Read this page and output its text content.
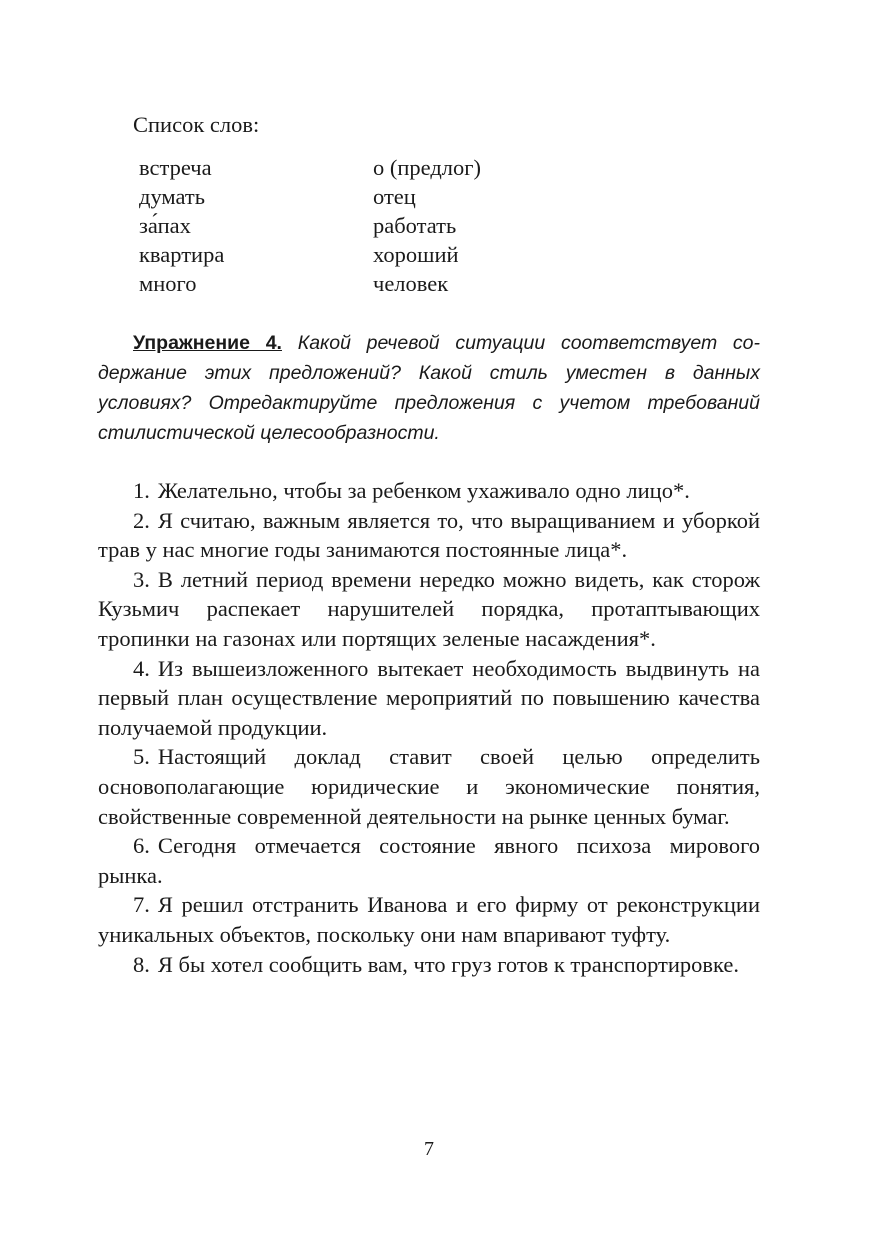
Список слов:
встреча
думать
за́пах
квартира
много
о (предлог)
отец
работать
хороший
человек
Упражнение 4. Какой речевой ситуации соответствует содержание этих предложений? Какой стиль уместен в данных условиях? Отредактируйте предложения с учетом требований стилистической целесообразности.

1. Желательно, чтобы за ребенком ухаживало одно лицо*.

2. Я считаю, важным является то, что выращиванием и уборкой трав у нас многие годы занимаются постоянные лица*.

3. В летний период времени нередко можно видеть, как сторож Кузьмич распекает нарушителей порядка, протаптывающих тропинки на газонах или портящих зеленые насаждения*.

4. Из вышеизложенного вытекает необходимость выдвинуть на первый план осуществление мероприятий по повышению качества получаемой продукции.

5. Настоящий доклад ставит своей целью определить основополагающие юридические и экономические понятия, свойственные современной деятельности на рынке ценных бумаг.

6. Сегодня отмечается состояние явного психоза мирового рынка.

7. Я решил отстранить Иванова и его фирму от реконструкции уникальных объектов, поскольку они нам впаривают туфту.

8. Я бы хотел сообщить вам, что груз готов к транспортировке.

7
